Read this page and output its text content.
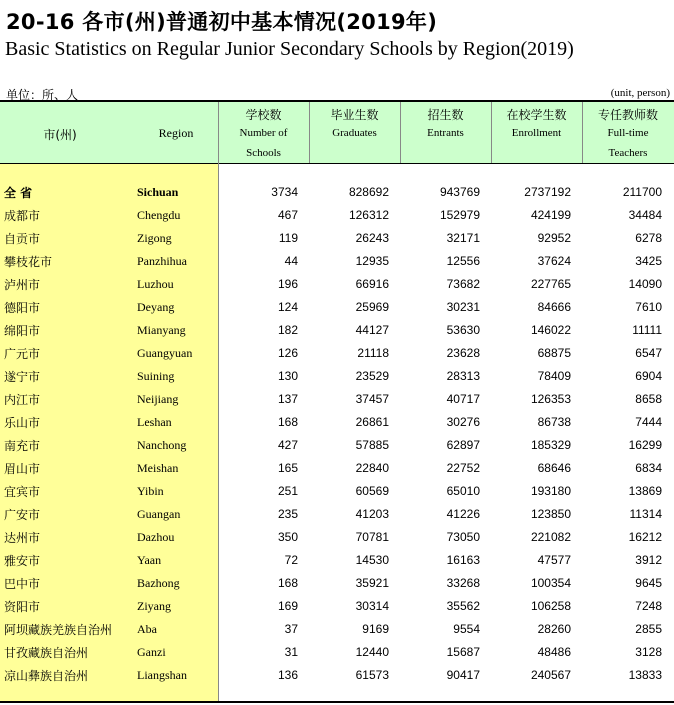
20-16 各市(州)普通初中基本情况(2019年)
Basic Statistics on Regular Junior Secondary Schools by Region(2019)
单位：所、人	(unit, person)
市(州)	Region
学校数
Number of
Schools
毕业生数
Graduates
招生数
Entrants
在校学生数
Enrollment
专任教师数
Full-time
Teachers
全 省	Sichuan	3734	828692	943769	2737192	211700
成都市	Chengdu	467	126312	152979	424199	34484
自贡市	Zigong	119	26243	32171	92952	6278
攀枝花市	Panzhihua	44	12935	12556	37624	3425
泸州市	Luzhou	196	66916	73682	227765	14090
德阳市	Deyang	124	25969	30231	84666	7610
绵阳市	Mianyang	182	44127	53630	146022	11111
广元市	Guangyuan	126	21118	23628	68875	6547
遂宁市	Suining	130	23529	28313	78409	6904
内江市	Neijiang	137	37457	40717	126353	8658
乐山市	Leshan	168	26861	30276	86738	7444
南充市	Nanchong	427	57885	62897	185329	16299
眉山市	Meishan	165	22840	22752	68646	6834
宜宾市	Yibin	251	60569	65010	193180	13869
广安市	Guangan	235	41203	41226	123850	11314
达州市	Dazhou	350	70781	73050	221082	16212
雅安市	Yaan	72	14530	16163	47577	3912
巴中市	Bazhong	168	35921	33268	100354	9645
资阳市	Ziyang	169	30314	35562	106258	7248
阿坝藏族羌族自治州 Aba	37	9169	9554	28260	2855
甘孜藏族自治州	Ganzi	31	12440	15687	48486	3128
凉山彝族自治州	Liangshan	136	61573	90417	240567	13833
